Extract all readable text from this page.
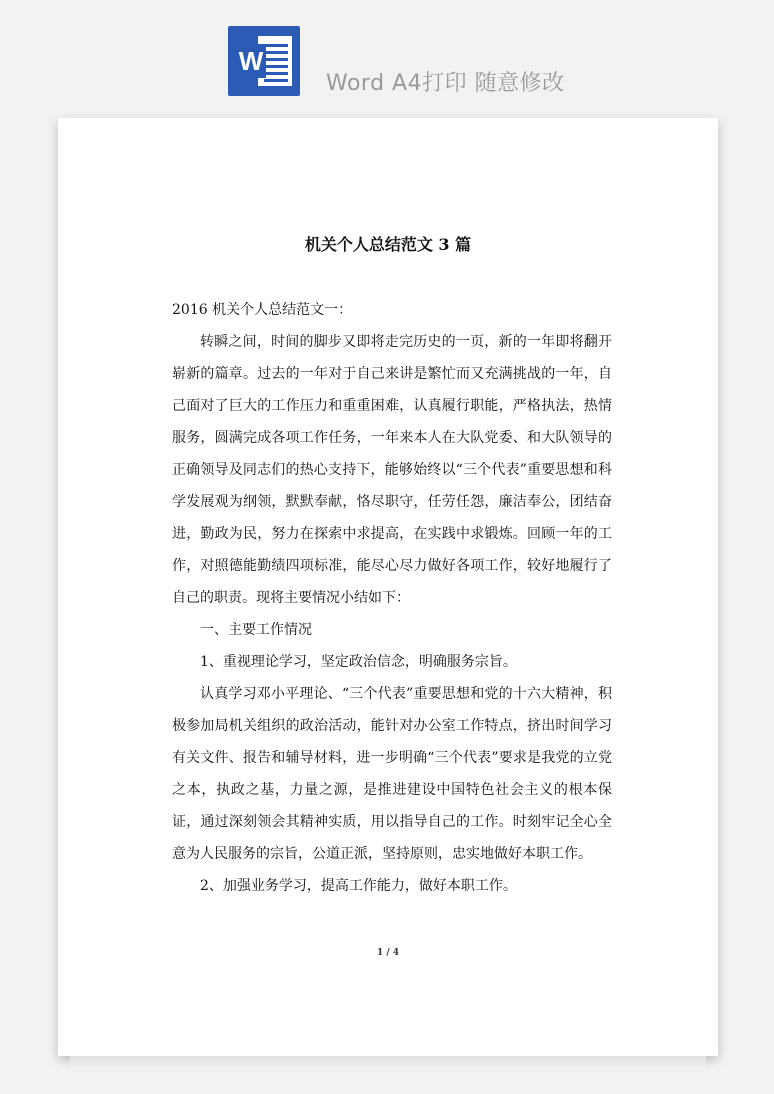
W
Word A4打印 随意修改

机关个人总结范文 3 篇

2016 机关个人总结范文一：

转瞬之间，时间的脚步又即将走完历史的一页，新的一年即将翻开崭新的篇章。过去的一年对于自己来讲是繁忙而又充满挑战的一年，自己面对了巨大的工作压力和重重困难，认真履行职能，严格执法，热情服务，圆满完成各项工作任务，一年来本人在大队党委、和大队领导的正确领导及同志们的热心支持下，能够始终以“三个代表”重要思想和科学发展观为纲领，默默奉献，恪尽职守，任劳任怨，廉洁奉公，团结奋进，勤政为民，努力在探索中求提高，在实践中求锻炼。回顾一年的工作，对照德能勤绩四项标准，能尽心尽力做好各项工作，较好地履行了自己的职责。现将主要情况小结如下：

一、主要工作情况

1、重视理论学习，坚定政治信念，明确服务宗旨。

认真学习邓小平理论、“三个代表”重要思想和党的十六大精神，积极参加局机关组织的政治活动，能针对办公室工作特点，挤出时间学习有关文件、报告和辅导材料，进一步明确“三个代表”要求是我党的立党之本，执政之基，力量之源，是推进建设中国特色社会主义的根本保证，通过深刻领会其精神实质，用以指导自己的工作。时刻牢记全心全意为人民服务的宗旨，公道正派，坚持原则，忠实地做好本职工作。

2、加强业务学习，提高工作能力，做好本职工作。

1 / 4
